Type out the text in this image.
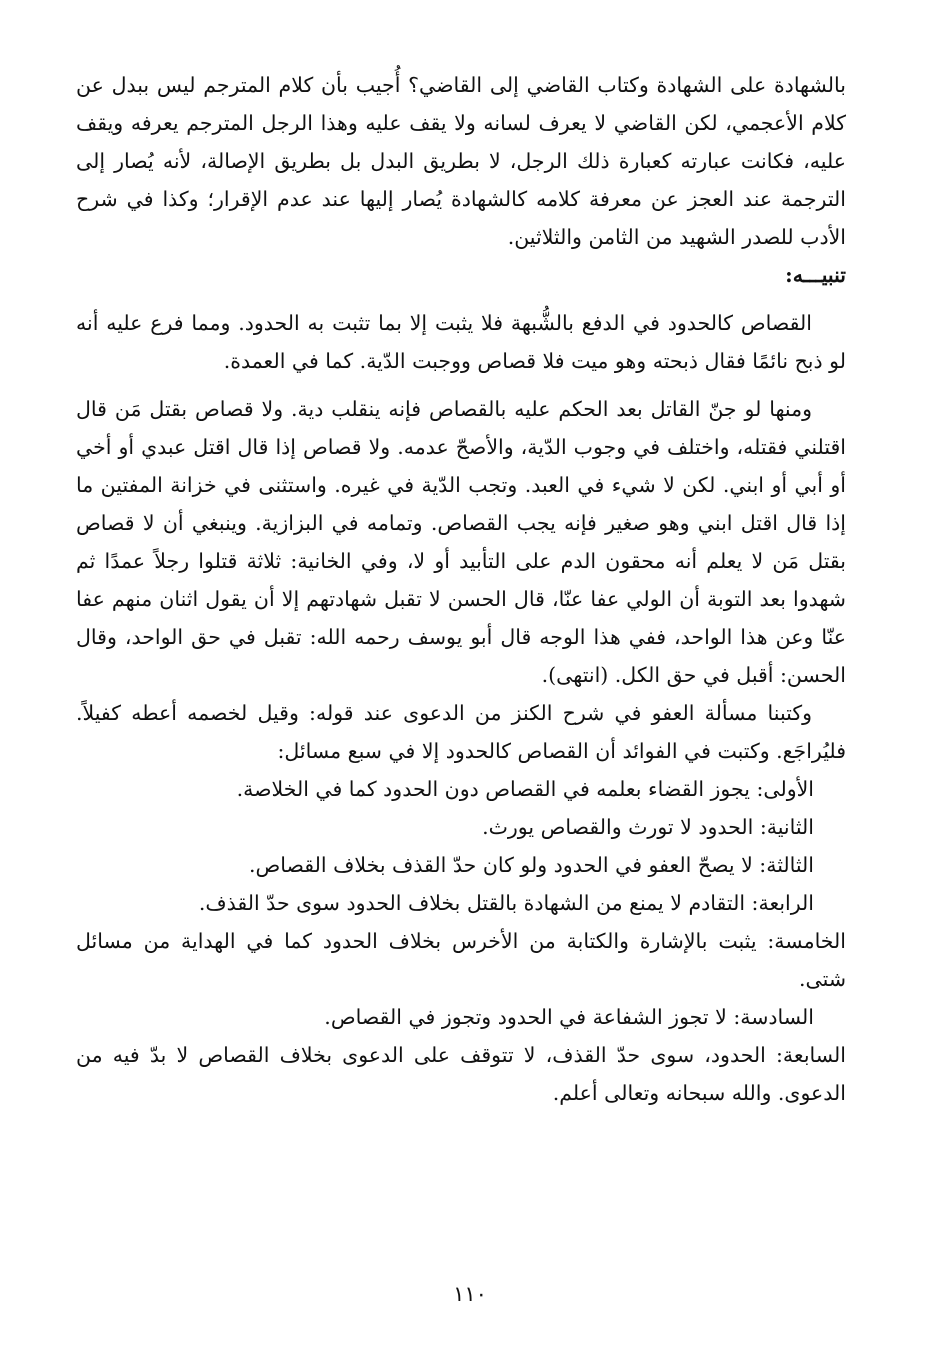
بالشهادة على الشهادة وكتاب القاضي إلى القاضي؟ أُجيب بأن كلام المترجم ليس ببدل عن كلام الأعجمي، لكن القاضي لا يعرف لسانه ولا يقف عليه وهذا الرجل المترجم يعرفه ويقف عليه، فكانت عبارته كعبارة ذلك الرجل، لا بطريق البدل بل بطريق الإصالة، لأنه يُصار إلى الترجمة عند العجز عن معرفة كلامه كالشهادة يُصار إليها عند عدم الإقرار؛ وكذا في شرح الأدب للصدر الشهيد من الثامن والثلاثين.

تنبيـــه:

القصاص كالحدود في الدفع بالشُّبهة فلا يثبت إلا بما تثبت به الحدود. ومما فرع عليه أنه لو ذبح نائمًا فقال ذبحته وهو ميت فلا قصاص ووجبت الدّية. كما في العمدة.

ومنها لو جنّ القاتل بعد الحكم عليه بالقصاص فإنه ينقلب دية. ولا قصاص بقتل مَن قال اقتلني فقتله، واختلف في وجوب الدّية، والأصحّ عدمه. ولا قصاص إذا قال اقتل عبدي أو أخي أو أبي أو ابني. لكن لا شيء في العبد. وتجب الدّية في غيره. واستثنى في خزانة المفتين ما إذا قال اقتل ابني وهو صغير فإنه يجب القصاص. وتمامه في البزازية. وينبغي أن لا قصاص بقتل مَن لا يعلم أنه محقون الدم على التأبيد أو لا، وفي الخانية: ثلاثة قتلوا رجلاً عمدًا ثم شهدوا بعد التوبة أن الولي عفا عنّا، قال الحسن لا تقبل شهادتهم إلا أن يقول اثنان منهم عفا عنّا وعن هذا الواحد، ففي هذا الوجه قال أبو يوسف رحمه الله: تقبل في حق الواحد، وقال الحسن: أقبل في حق الكل. (انتهى).

وكتبنا مسألة العفو في شرح الكنز من الدعوى عند قوله: وقيل لخصمه أعطه كفيلاً. فليُراجَع. وكتبت في الفوائد أن القصاص كالحدود إلا في سبع مسائل:

الأولى: يجوز القضاء بعلمه في القصاص دون الحدود كما في الخلاصة.

الثانية: الحدود لا تورث والقصاص يورث.

الثالثة: لا يصحّ العفو في الحدود ولو كان حدّ القذف بخلاف القصاص.

الرابعة: التقادم لا يمنع من الشهادة بالقتل بخلاف الحدود سوى حدّ القذف.

الخامسة: يثبت بالإشارة والكتابة من الأخرس بخلاف الحدود كما في الهداية من مسائل شتى.

السادسة: لا تجوز الشفاعة في الحدود وتجوز في القصاص.

السابعة: الحدود، سوى حدّ القذف، لا تتوقف على الدعوى بخلاف القصاص لا بدّ فيه من الدعوى. والله سبحانه وتعالى أعلم.

١١٠
